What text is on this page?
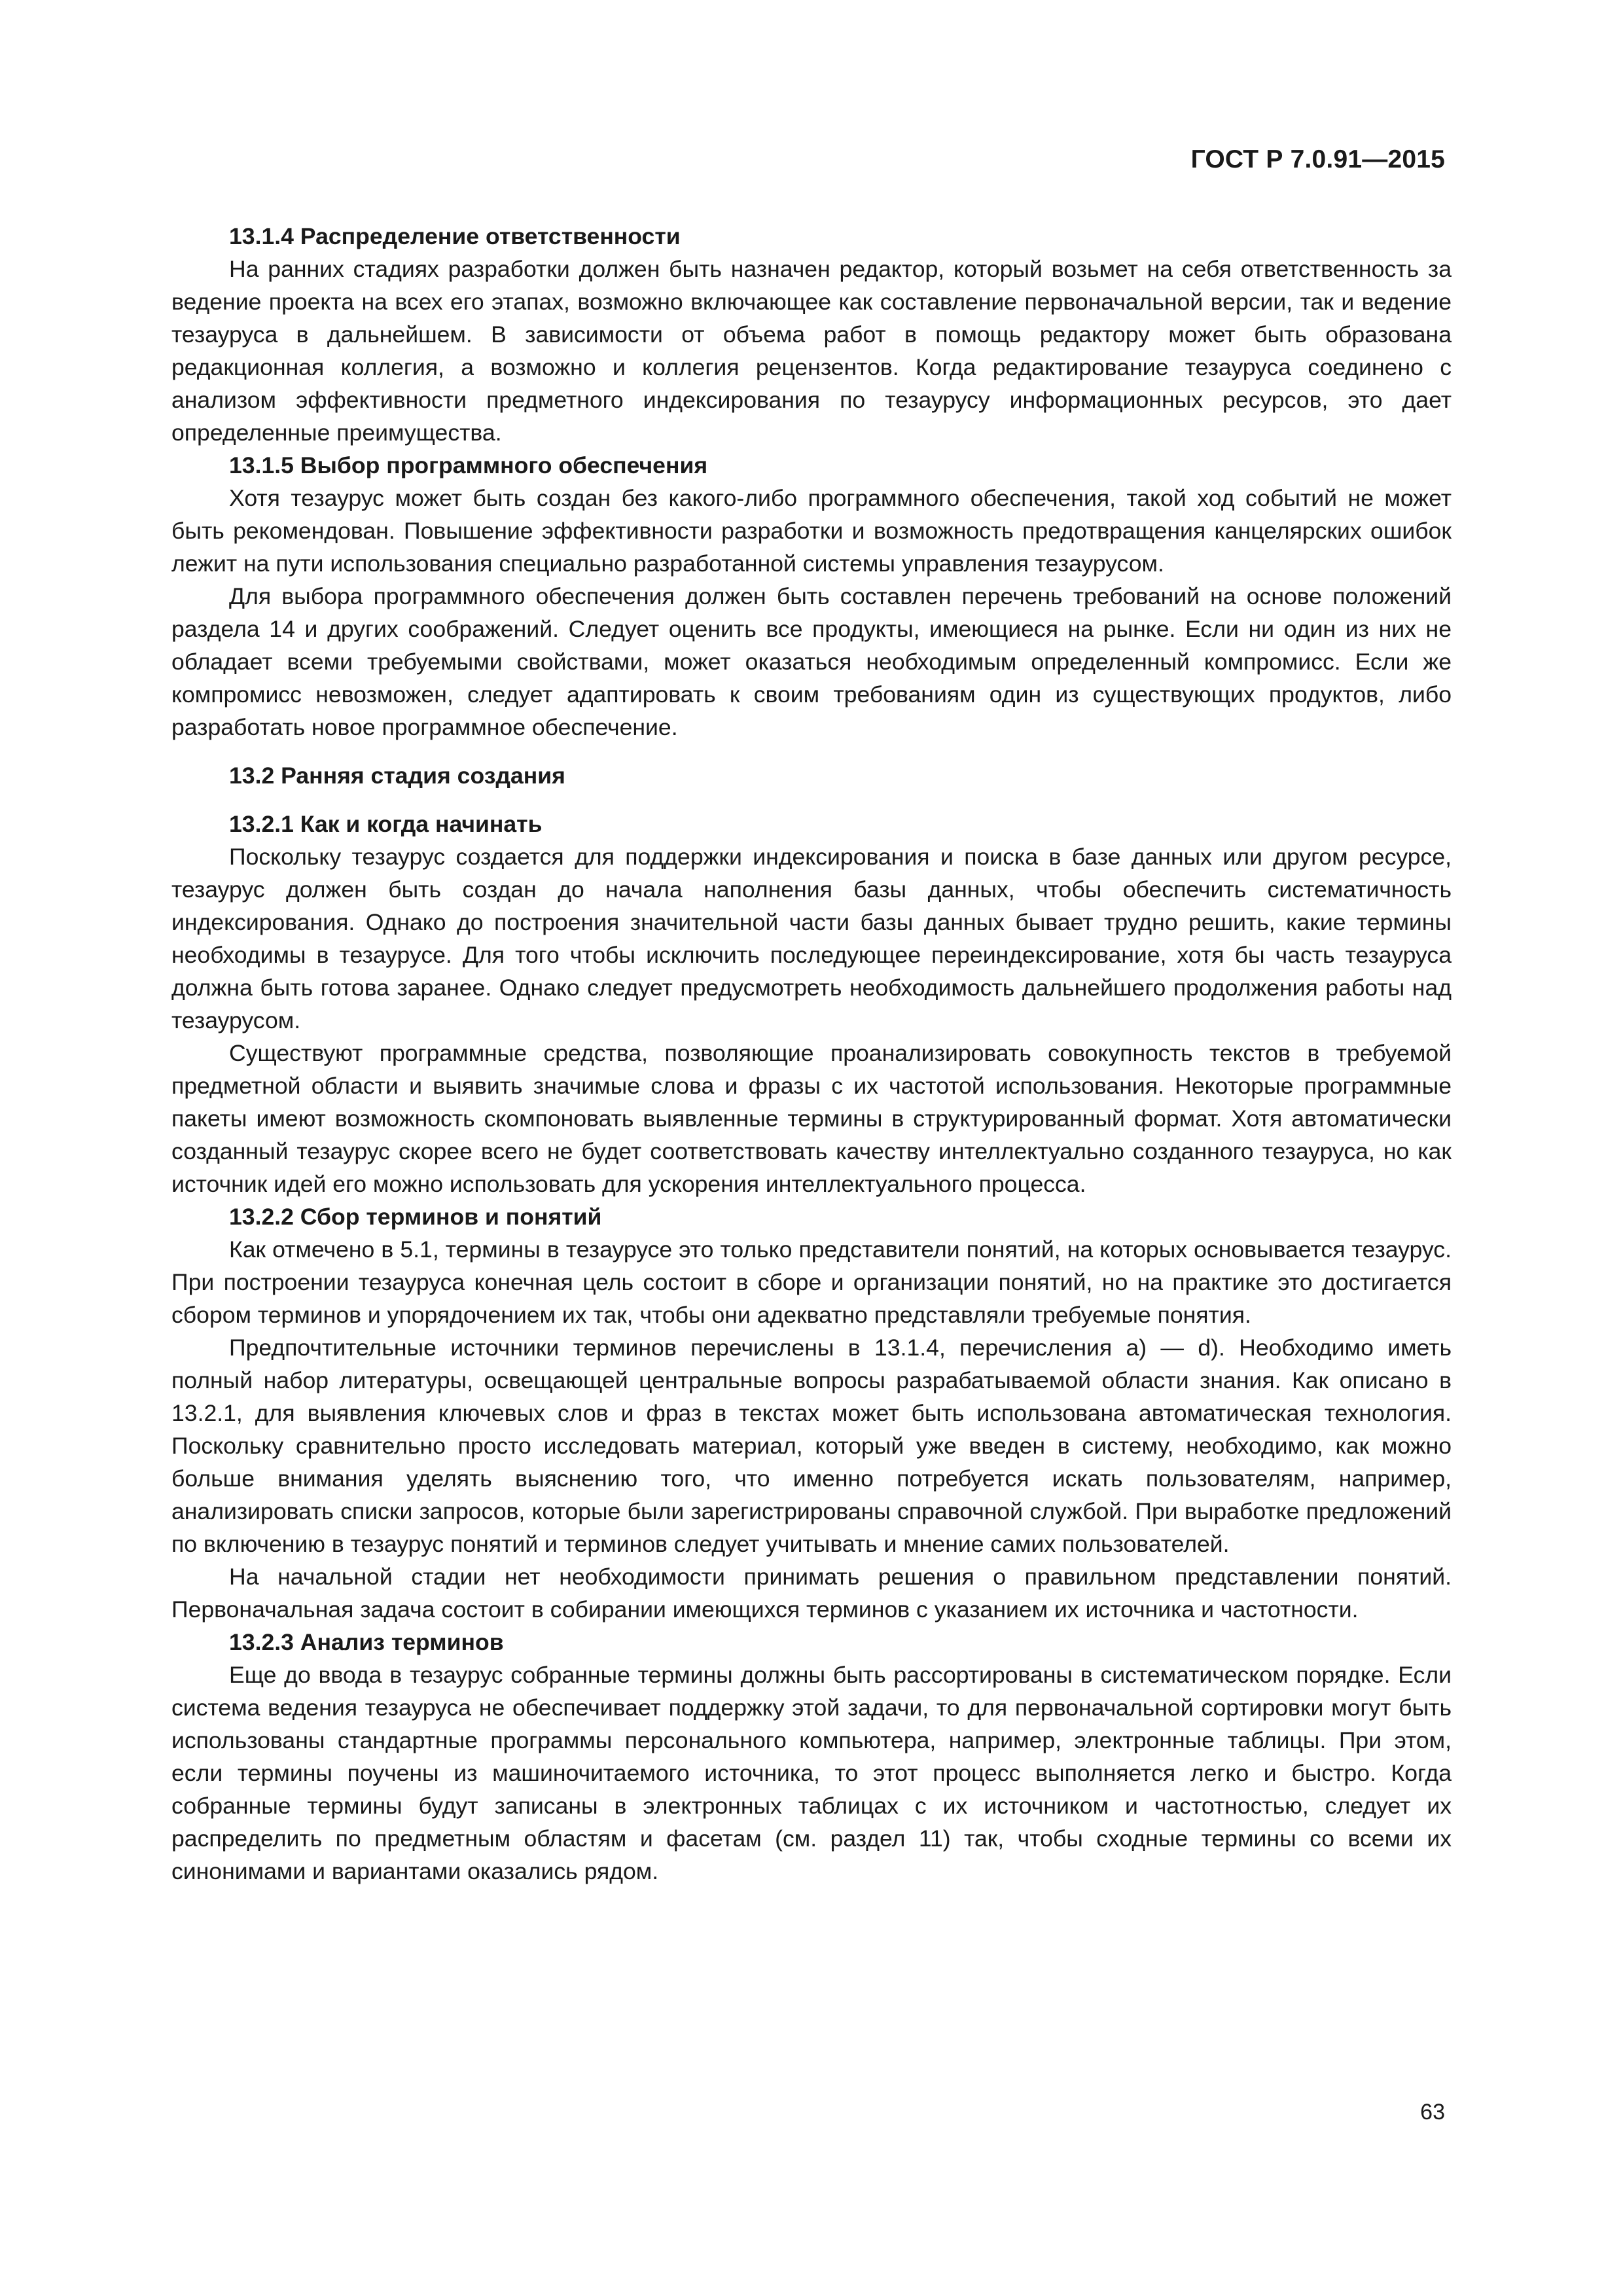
ГОСТ Р 7.0.91—2015

13.1.4 Распределение ответственности

На ранних стадиях разработки должен быть назначен редактор, который возьмет на себя ответственность за ведение проекта на всех его этапах, возможно включающее как составление первоначальной версии, так и ведение тезауруса в дальнейшем. В зависимости от объема работ в помощь редактору может быть образована редакционная коллегия, а возможно и коллегия рецензентов. Когда редактирование тезауруса соединено с анализом эффективности предметного индексирования по тезаурусу информационных ресурсов, это дает определенные преимущества.

13.1.5 Выбор программного обеспечения

Хотя тезаурус может быть создан без какого-либо программного обеспечения, такой ход событий не может быть рекомендован. Повышение эффективности разработки и возможность предотвращения канцелярских ошибок лежит на пути использования специально разработанной системы управления тезаурусом.

Для выбора программного обеспечения должен быть составлен перечень требований на основе положений раздела 14 и других соображений. Следует оценить все продукты, имеющиеся на рынке. Если ни один из них не обладает всеми требуемыми свойствами, может оказаться необходимым определенный компромисс. Если же компромисс невозможен, следует адаптировать к своим требованиям один из существующих продуктов, либо разработать новое программное обеспечение.

13.2 Ранняя стадия создания

13.2.1 Как и когда начинать

Поскольку тезаурус создается для поддержки индексирования и поиска в базе данных или другом ресурсе, тезаурус должен быть создан до начала наполнения базы данных, чтобы обеспечить систематичность индексирования. Однако до построения значительной части базы данных бывает трудно решить, какие термины необходимы в тезаурусе. Для того чтобы исключить последующее переиндексирование, хотя бы часть тезауруса должна быть готова заранее. Однако следует предусмотреть необходимость дальнейшего продолжения работы над тезаурусом.

Существуют программные средства, позволяющие проанализировать совокупность текстов в требуемой предметной области и выявить значимые слова и фразы с их частотой использования. Некоторые программные пакеты имеют возможность скомпоновать выявленные термины в структурированный формат. Хотя автоматически созданный тезаурус скорее всего не будет соответствовать качеству интеллектуально созданного тезауруса, но как источник идей его можно использовать для ускорения интеллектуального процесса.

13.2.2 Сбор терминов и понятий

Как отмечено в 5.1, термины в тезаурусе это только представители понятий, на которых основывается тезаурус. При построении тезауруса конечная цель состоит в сборе и организации понятий, но на практике это достигается сбором терминов и упорядочением их так, чтобы они адекватно представляли требуемые понятия.

Предпочтительные источники терминов перечислены в 13.1.4, перечисления а) — d). Необходимо иметь полный набор литературы, освещающей центральные вопросы разрабатываемой области знания. Как описано в 13.2.1, для выявления ключевых слов и фраз в текстах может быть использована автоматическая технология. Поскольку сравнительно просто исследовать материал, который уже введен в систему, необходимо, как можно больше внимания уделять выяснению того, что именно потребуется искать пользователям, например, анализировать списки запросов, которые были зарегистрированы справочной службой. При выработке предложений по включению в тезаурус понятий и терминов следует учитывать и мнение самих пользователей.

На начальной стадии нет необходимости принимать решения о правильном представлении понятий. Первоначальная задача состоит в собирании имеющихся терминов с указанием их источника и частотности.

13.2.3 Анализ терминов

Еще до ввода в тезаурус собранные термины должны быть рассортированы в систематическом порядке. Если система ведения тезауруса не обеспечивает поддержку этой задачи, то для первоначальной сортировки могут быть использованы стандартные программы персонального компьютера, например, электронные таблицы. При этом, если термины поучены из машиночитаемого источника, то этот процесс выполняется легко и быстро. Когда собранные термины будут записаны в электронных таблицах с их источником и частотностью, следует их распределить по предметным областям и фасетам (см. раздел 11) так, чтобы сходные термины со всеми их синонимами и вариантами оказались рядом.

63
